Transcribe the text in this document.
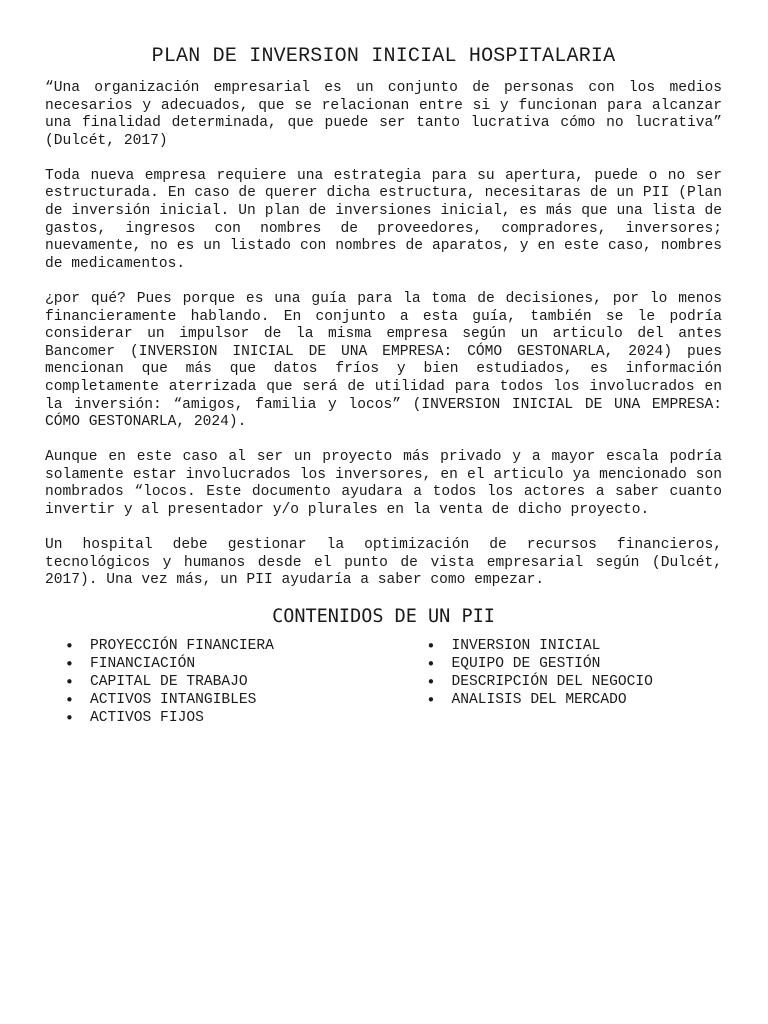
PLAN DE INVERSION INICIAL HOSPITALARIA

“Una organización empresarial es un conjunto de personas con los medios necesarios y adecuados, que se relacionan entre si y funcionan para alcanzar una finalidad determinada, que puede ser tanto lucrativa cómo no lucrativa” (Dulcét, 2017)

Toda nueva empresa requiere una estrategia para su apertura, puede o no ser estructurada. En caso de querer dicha estructura, necesitaras de un PII (Plan de inversión inicial. Un plan de inversiones inicial, es más que una lista de gastos, ingresos con nombres de proveedores, compradores, inversores; nuevamente, no es un listado con nombres de aparatos, y en este caso, nombres de medicamentos.

¿por qué? Pues porque es una guía para la toma de decisiones, por lo menos financieramente hablando. En conjunto a esta guía, también se le podría considerar un impulsor de la misma empresa según un articulo del antes Bancomer (INVERSION INICIAL DE UNA EMPRESA: CÓMO GESTONARLA, 2024) pues mencionan que más que datos fríos y bien estudiados, es información completamente aterrizada que será de utilidad para todos los involucrados en la inversión: “amigos, familia y locos” (INVERSION INICIAL DE UNA EMPRESA: CÓMO GESTONARLA, 2024).

Aunque en este caso al ser un proyecto más privado y a mayor escala podría solamente estar involucrados los inversores, en el articulo ya mencionado son nombrados “locos. Este documento ayudara a todos los actores a saber cuanto invertir y al presentador y/o plurales en la venta de dicho proyecto.

Un hospital debe gestionar la optimización de recursos financieros, tecnológicos y humanos desde el punto de vista empresarial según (Dulcét, 2017). Una vez más, un PII ayudaría a saber como empezar.

CONTENIDOS DE UN PII
• PROYECCIÓN FINANCIERA
• FINANCIACIÓN
• CAPITAL DE TRABAJO
• ACTIVOS INTANGIBLES
• ACTIVOS FIJOS
• INVERSION INICIAL
• EQUIPO DE GESTIÓN
• DESCRIPCIÓN DEL NEGOCIO
• ANALISIS DEL MERCADO
